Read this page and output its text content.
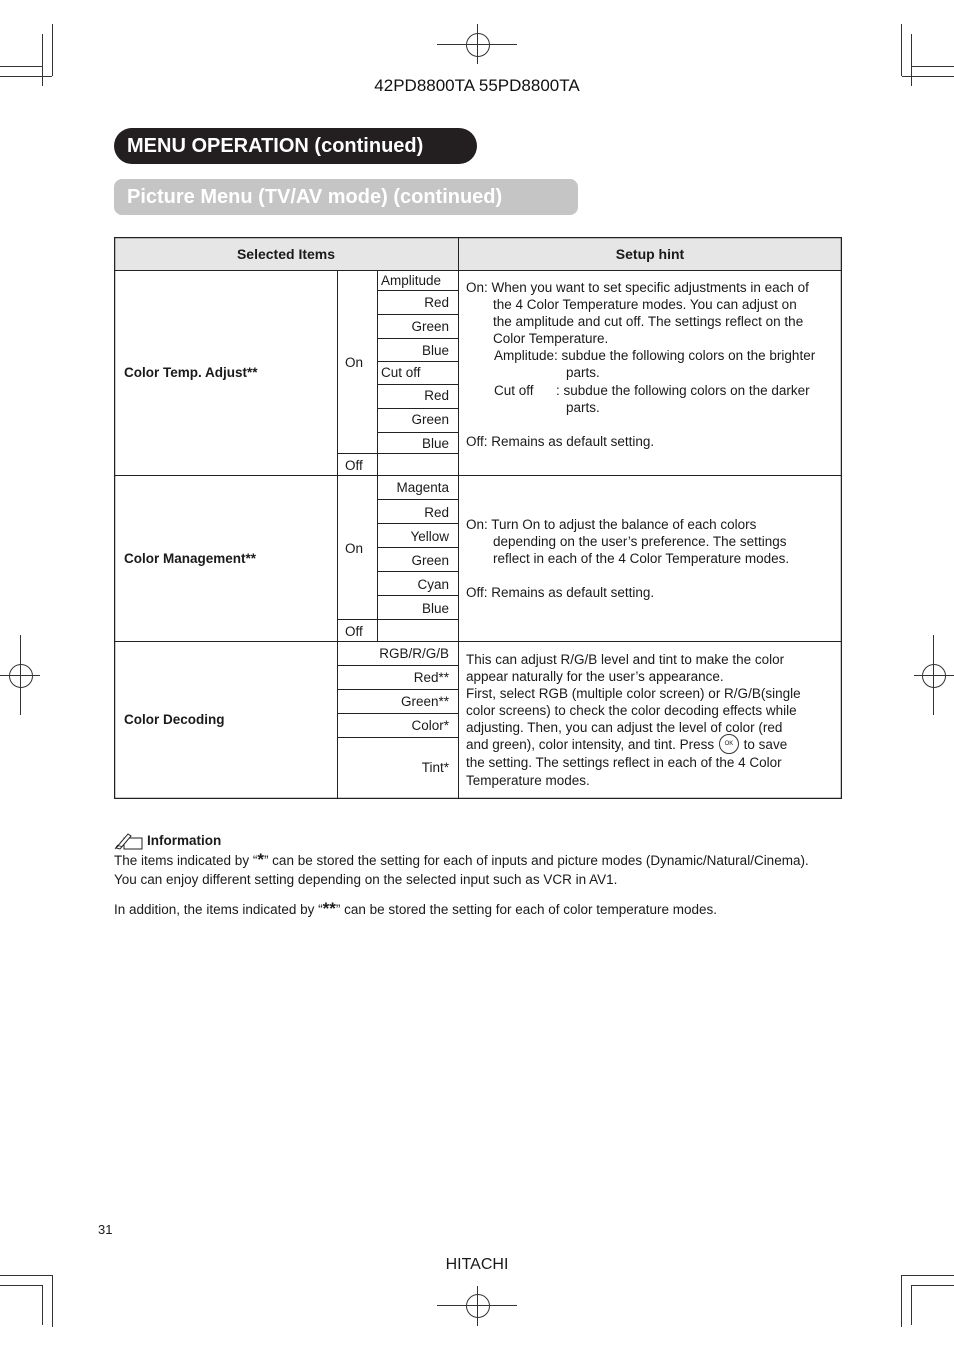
42PD8800TA 55PD8800TA
MENU OPERATION (continued)
Picture Menu (TV/AV mode) (continued)
Selected Items	Setup hint
Color Temp. Adjust**
On
Off
Amplitude
Red
Green
Blue
Cut off
Red
Green
Blue

On: When you want to set specific adjustments in each of

the 4 Color Temperature modes. You can adjust on

the amplitude and cut off. The settings reflect on the

Color Temperature.

Amplitude: subdue the following colors on the brighter

parts.

Cut off      : subdue the following colors on the darker

parts.

Off: Remains as default setting.

Color Management**
On
Off
Magenta
Red
Yellow
Green
Cyan
Blue

On: Turn On to adjust the balance of each colors

depending on the user’s preference. The settings

reflect in each of the 4 Color Temperature modes.

Off: Remains as default setting.

Color Decoding
RGB/R/G/B
Red**
Green**
Color*
Tint*

This can adjust R/G/B level and tint to make the color

appear naturally for the user’s appearance.

First, select RGB (multiple color screen) or R/G/B(single

color screens) to check the color decoding effects while

adjusting. Then, you can adjust the level of color (red

and green), color intensity, and tint. Press OK to save

the setting. The settings reflect in each of the 4 Color

Temperature modes.

Information

The items indicated by “*” can be stored the setting for each of inputs and picture modes (Dynamic/Natural/Cinema).

You can enjoy different setting depending on the selected input such as VCR in AV1.

In addition, the items indicated by “**” can be stored the setting for each of color temperature modes.

31
HITACHI
